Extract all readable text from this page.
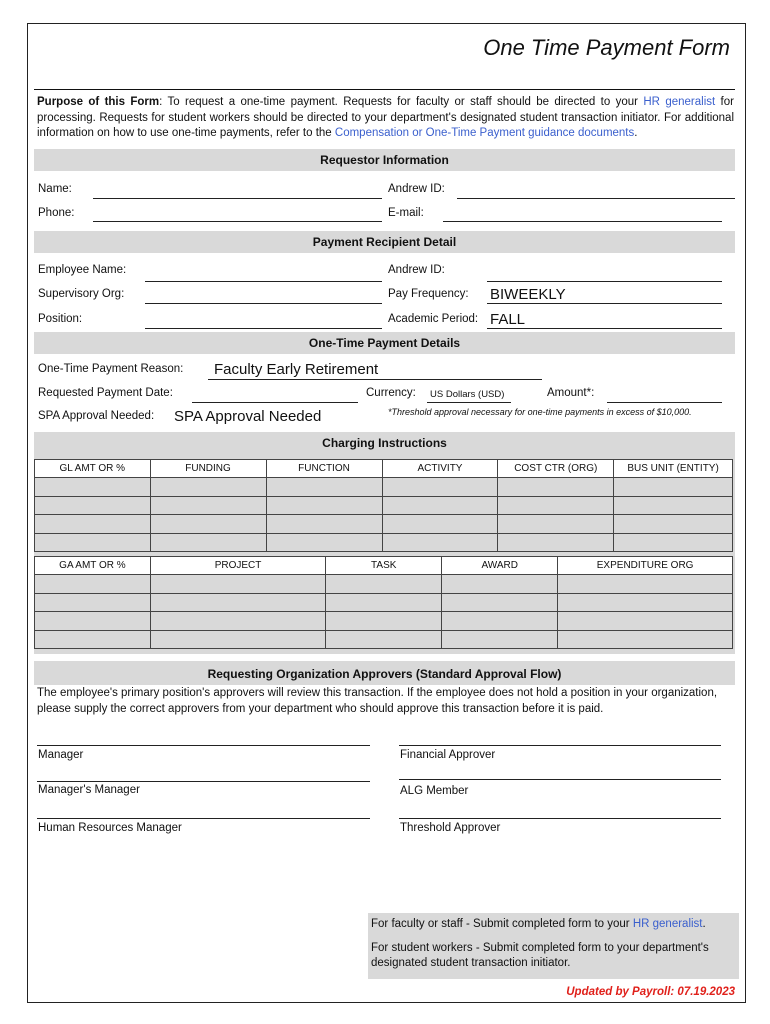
One Time Payment Form
Purpose of this Form: To request a one-time payment. Requests for faculty or staff should be directed to your HR generalist for processing. Requests for student workers should be directed to your department's designated student transaction initiator. For additional information on how to use one-time payments, refer to the Compensation or One-Time Payment guidance documents.
Requestor Information
Name:	Andrew ID:
Phone:	E-mail:
Payment Recipient Detail
Employee Name:	Andrew ID:
Supervisory Org:	Pay Frequency: BIWEEKLY
Position:	Academic Period: FALL
One-Time Payment Details
One-Time Payment Reason: Faculty Early Retirement
Requested Payment Date:	Currency: US Dollars (USD)	Amount*:
SPA Approval Needed: SPA Approval Needed	*Threshold approval necessary for one-time payments in excess of $10,000.
Charging Instructions
GL AMT OR %	FUNDING	FUNCTION	ACTIVITY	COST CTR (ORG)	BUS UNIT (ENTITY)

GA AMT OR %	PROJECT	TASK	AWARD	EXPENDITURE ORG

Requesting Organization Approvers (Standard Approval Flow)
The employee's primary position's approvers will review this transaction. If the employee does not hold a position in your organization, please supply the correct approvers from your department who should approve this transaction before it is paid.
Manager	Financial Approver
Manager's Manager	ALG Member
Human Resources Manager	Threshold Approver
For faculty or staff - Submit completed form to your HR generalist.
For student workers - Submit completed form to your department's designated student transaction initiator.
Updated by Payroll: 07.19.2023
